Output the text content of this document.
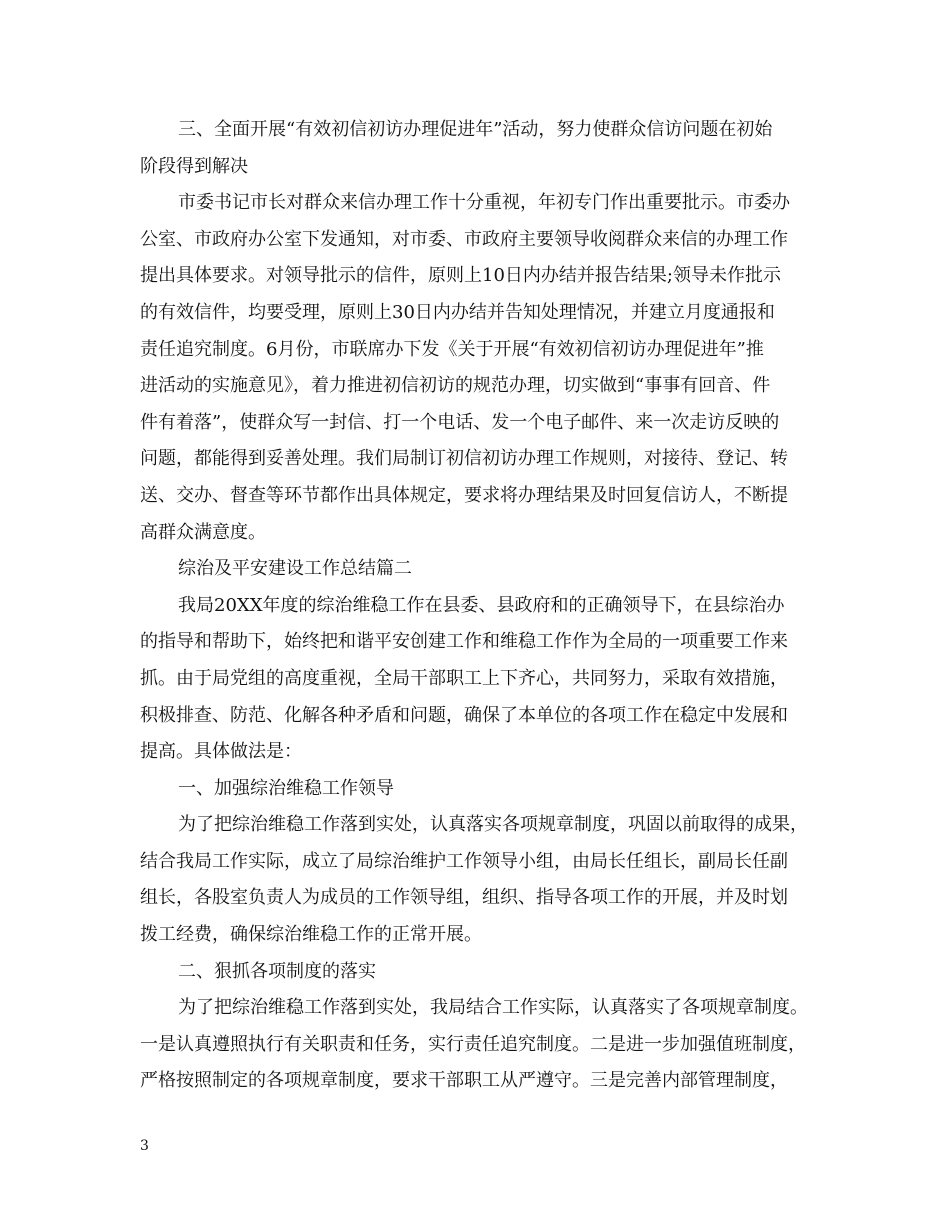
三、全面开展“有效初信初访办理促进年”活动，努力使群众信访问题在初始
阶段得到解决
市委书记市长对群众来信办理工作十分重视，年初专门作出重要批示。市委办
公室、市政府办公室下发通知，对市委、市政府主要领导收阅群众来信的办理工作
提出具体要求。对领导批示的信件，原则上10日内办结并报告结果;领导未作批示
的有效信件，均要受理，原则上30日内办结并告知处理情况，并建立月度通报和
责任追究制度。6月份，市联席办下发《关于开展“有效初信初访办理促进年”推
进活动的实施意见》，着力推进初信初访的规范办理，切实做到“事事有回音、件
件有着落”，使群众写一封信、打一个电话、发一个电子邮件、来一次走访反映的
问题，都能得到妥善处理。我们局制订初信初访办理工作规则，对接待、登记、转
送、交办、督查等环节都作出具体规定，要求将办理结果及时回复信访人，不断提
高群众满意度。
综治及平安建设工作总结篇二
我局20XX年度的综治维稳工作在县委、县政府和的正确领导下，在县综治办
的指导和帮助下，始终把和谐平安创建工作和维稳工作作为全局的一项重要工作来
抓。由于局党组的高度重视，全局干部职工上下齐心，共同努力，采取有效措施，
积极排查、防范、化解各种矛盾和问题，确保了本单位的各项工作在稳定中发展和
提高。具体做法是：
一、加强综治维稳工作领导
为了把综治维稳工作落到实处，认真落实各项规章制度，巩固以前取得的成果，
结合我局工作实际，成立了局综治维护工作领导小组，由局长任组长，副局长任副
组长，各股室负责人为成员的工作领导组，组织、指导各项工作的开展，并及时划
拨工经费，确保综治维稳工作的正常开展。
二、狠抓各项制度的落实
为了把综治维稳工作落到实处，我局结合工作实际，认真落实了各项规章制度。
一是认真遵照执行有关职责和任务，实行责任追究制度。二是进一步加强值班制度，
严格按照制定的各项规章制度，要求干部职工从严遵守。三是完善内部管理制度，
3
